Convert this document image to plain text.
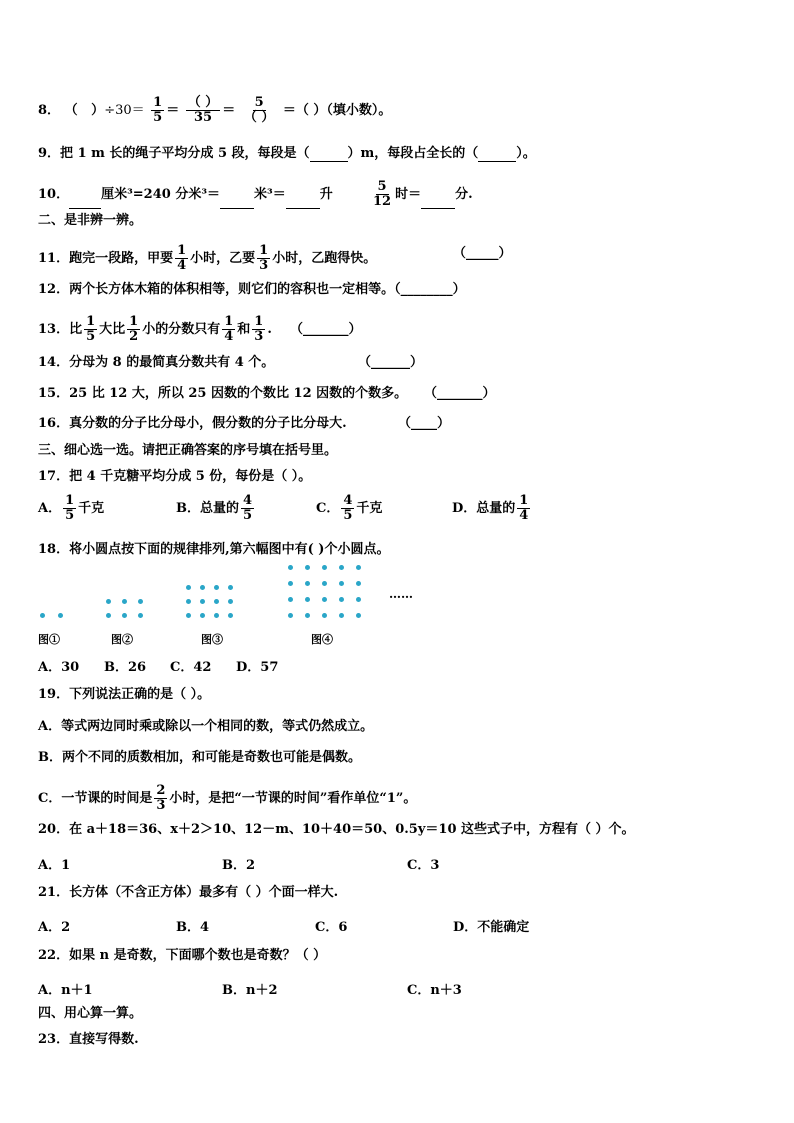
8． （ ）$\div 30= \frac{1}{5} = \frac{( )}{35} = \frac{5}{( )}$ ＝（ ）（填小数）。
9．把 1 m 长的绳子平均分成 5 段，每段是（	）m，每段占全长的（	）。
10． 厘米³=240 分米³＝	米³＝	升	$\frac{5}{12}$ 时＝	分.
二、是非辨一辨。
11．跑完一段路，甲要 $\frac{1}{4}$ 小时，乙要 $\frac{1}{3}$ 小时，乙跑得快。	（_____）
12．两个长方体木箱的体积相等，则它们的容积也一定相等。（________）
13．比 $\frac{1}{5}$ 大比 $\frac{1}{2}$ 小的分数只有 $\frac{1}{4}$ 和 $\frac{1}{3}$ . （_______）
14．分母为 8 的最简真分数共有 4 个。	（______）
15．25 比 12 大，所以 25 因数的个数比 12 因数的个数多。 （_______）
16．真分数的分子比分母小，假分数的分子比分母大.	（____）
三、细心选一选。请把正确答案的序号填在括号里。
17．把 4 千克糖平均分成 5 份，每份是（ ）。
A． $\frac{1}{5}$ 千克	B．总量的 $\frac{4}{5}$	C． $\frac{4}{5}$ 千克	D．总量的 $\frac{1}{4}$
18．将小圆点按下面的规律排列,第六幅图中有( )个小圆点。
……
图①	图②	图③	图④
A．30 B．26 C．42 D．57
19．下列说法正确的是（ ）。
A．等式两边同时乘或除以一个相同的数，等式仍然成立。
B．两个不同的质数相加，和可能是奇数也可能是偶数。
C．一节课的时间是 $\frac{2}{3}$ 小时，是把“一节课的时间”看作单位“1”。
20．在 a＋18＝36、x＋2＞10、12－m、10＋40＝50、0.5y＝10 这些式子中，方程有（ ）个。
A．1	B．2	C．3
21．长方体（不含正方体）最多有（ ）个面一样大.
A．2	B．4	C．6	D．不能确定
22．如果 n 是奇数，下面哪个数也是奇数？（ ）
A．n＋1	B．n＋2	C．n＋3
四、用心算一算。
23．直接写得数.
